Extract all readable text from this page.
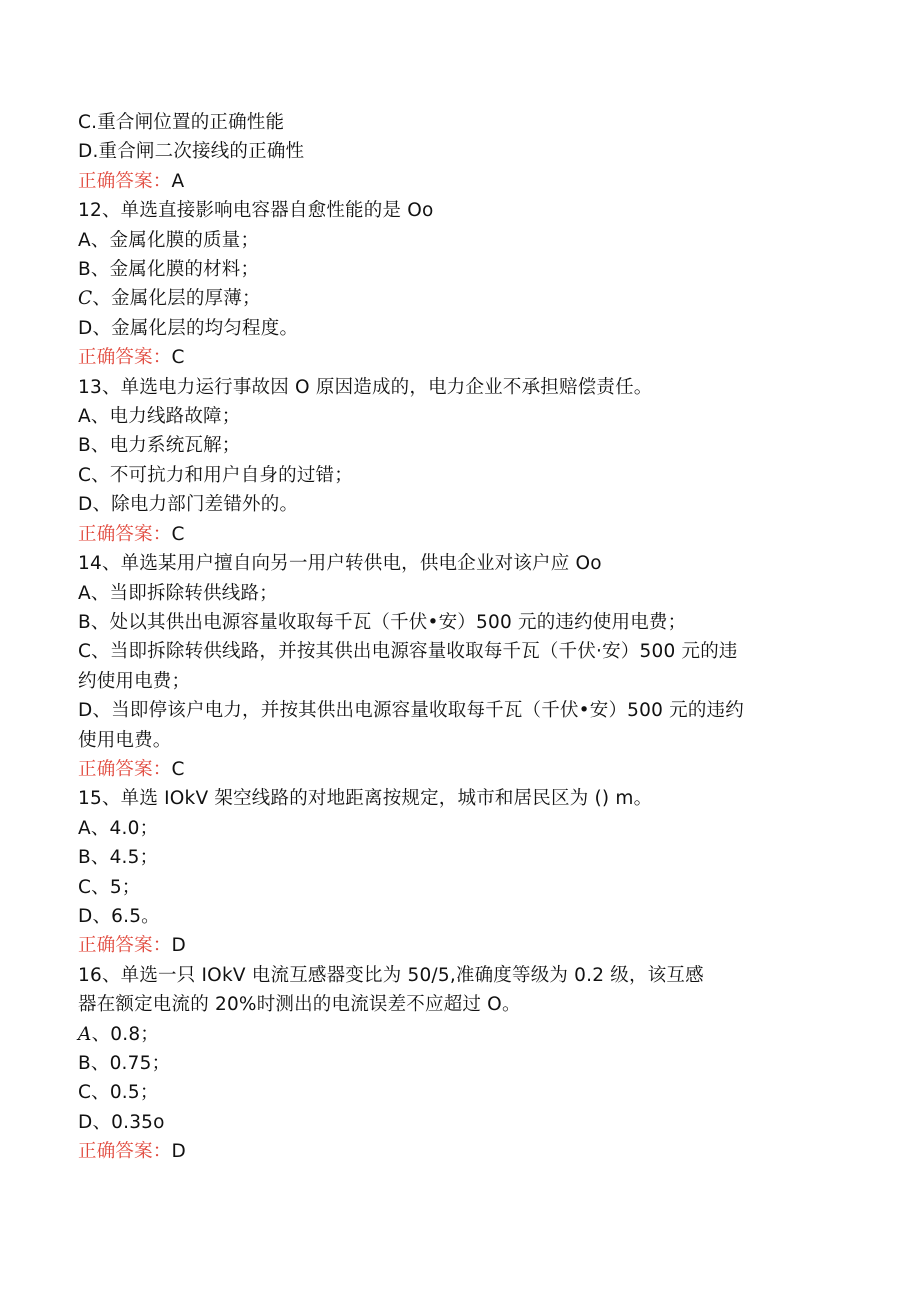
C.重合闸位置的正确性能
D.重合闸二次接线的正确性
正确答案：A
12、单选直接影响电容器自愈性能的是 Oo
A、金属化膜的质量；
B、金属化膜的材料；
C、金属化层的厚薄；
D、金属化层的均匀程度。
正确答案：C
13、单选电力运行事故因 O 原因造成的，电力企业不承担赔偿责任。
A、电力线路故障；
B、电力系统瓦解；
C、不可抗力和用户自身的过错；
D、除电力部门差错外的。
正确答案：C
14、单选某用户擅自向另一用户转供电，供电企业对该户应 Oo
A、当即拆除转供线路；
B、处以其供出电源容量收取每千瓦（千伏•安）500 元的违约使用电费；
C、当即拆除转供线路，并按其供出电源容量收取每千瓦（千伏·安）500 元的违
约使用电费；
D、当即停该户电力，并按其供出电源容量收取每千瓦（千伏•安）500 元的违约
使用电费。
正确答案：C
15、单选 IOkV 架空线路的对地距离按规定，城市和居民区为 () m。
A、4.0；
B、4.5；
C、5；
D、6.5。
正确答案：D
16、单选一只 IOkV 电流互感器变比为 50/5,准确度等级为 0.2 级，该互感
器在额定电流的 20%时测出的电流误差不应超过 O。
A、0.8；
B、0.75；
C、0.5；
D、0.35o
正确答案：D
